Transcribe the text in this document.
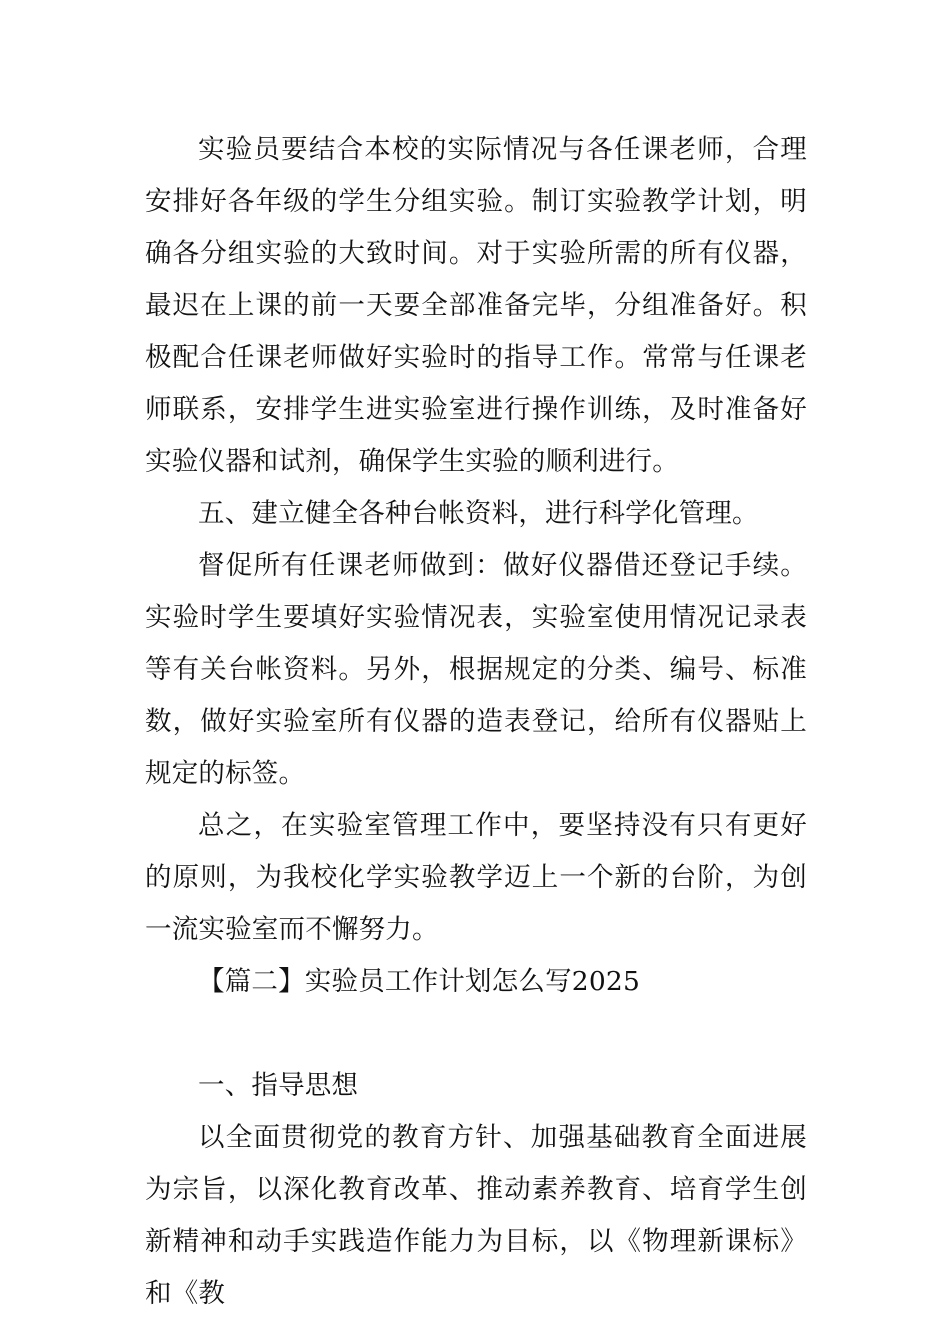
实验员要结合本校的实际情况与各任课老师，合理安排好各年级的学生分组实验。制订实验教学计划，明确各分组实验的大致时间。对于实验所需的所有仪器，最迟在上课的前一天要全部准备完毕，分组准备好。积极配合任课老师做好实验时的指导工作。常常与任课老师联系，安排学生进实验室进行操作训练，及时准备好实验仪器和试剂，确保学生实验的顺利进行。

五、建立健全各种台帐资料，进行科学化管理。

督促所有任课老师做到：做好仪器借还登记手续。实验时学生要填好实验情况表，实验室使用情况记录表等有关台帐资料。另外，根据规定的分类、编号、标准数，做好实验室所有仪器的造表登记，给所有仪器贴上规定的标签。

总之，在实验室管理工作中，要坚持没有只有更好的原则，为我校化学实验教学迈上一个新的台阶，为创一流实验室而不懈努力。

【篇二】实验员工作计划怎么写2025

一、指导思想

以全面贯彻党的教育方针、加强基础教育全面进展为宗旨，以深化教育改革、推动素养教育、培育学生创新精神和动手实践造作能力为目标，以《物理新课标》和《教
